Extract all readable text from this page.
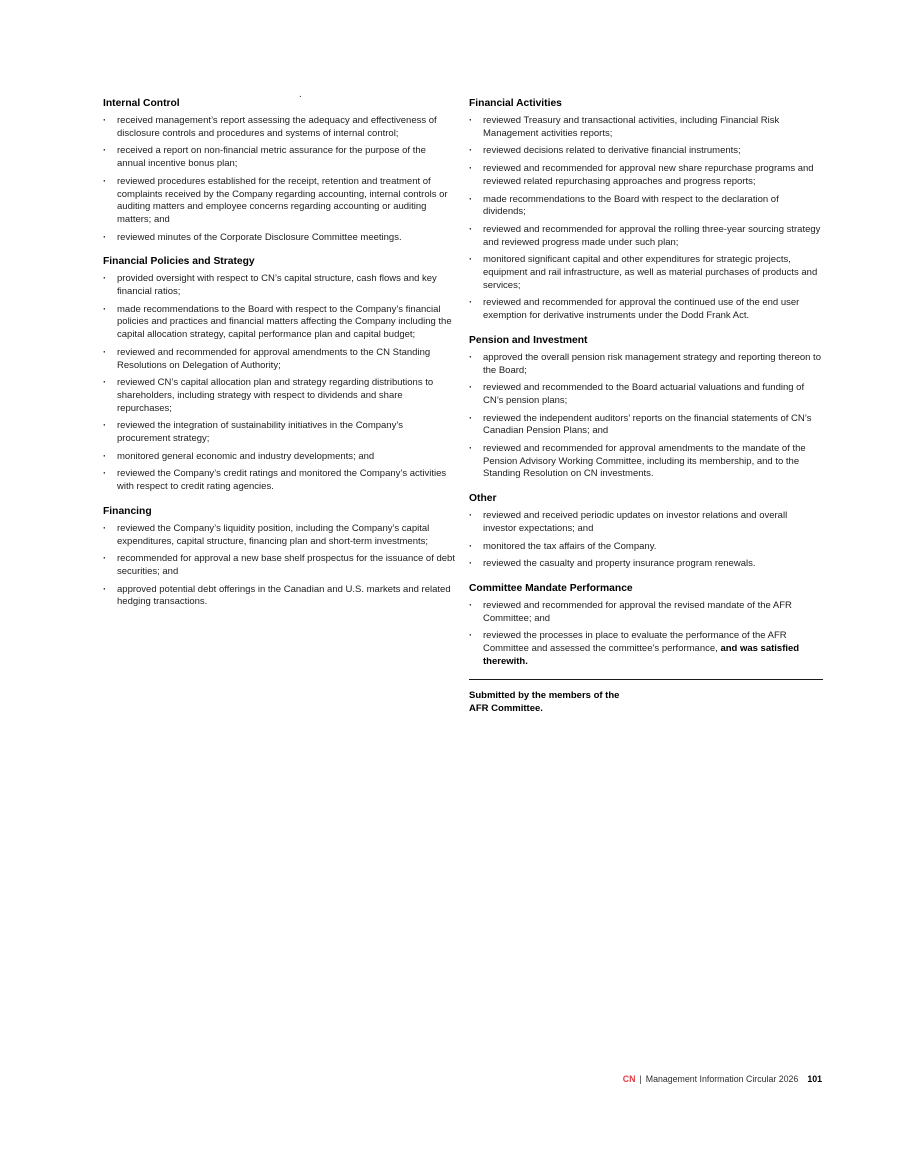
.
Internal Control
·	received management’s report assessing the adequacy and effectiveness of disclosure controls and procedures and systems of internal control;
·	received a report on non-financial metric assurance for the purpose of the annual incentive bonus plan;
·	reviewed procedures established for the receipt, retention and treatment of complaints received by the Company regarding accounting, internal controls or auditing matters and employee concerns regarding accounting or auditing matters; and
·	reviewed minutes of the Corporate Disclosure Committee meetings.
Financial Policies and Strategy
·	provided oversight with respect to CN’s capital structure, cash flows and key financial ratios;
·	made recommendations to the Board with respect to the Company’s financial policies and practices and financial matters affecting the Company including the capital allocation strategy, capital performance plan and capital budget;
·	reviewed and recommended for approval amendments to the CN Standing Resolutions on Delegation of Authority;
·	reviewed CN’s capital allocation plan and strategy regarding distributions to shareholders, including strategy with respect to dividends and share repurchases;
·	reviewed the integration of sustainability initiatives in the Company’s procurement strategy;
·	monitored general economic and industry developments; and
·	reviewed the Company’s credit ratings and monitored the Company’s activities with respect to credit rating agencies.
Financing
·	reviewed the Company’s liquidity position, including the Company’s capital expenditures, capital structure, financing plan and short-term investments;
·	recommended for approval a new base shelf prospectus for the issuance of debt securities; and
·	approved potential debt offerings in the Canadian and U.S. markets and related hedging transactions.
Financial Activities
·	reviewed Treasury and transactional activities, including Financial Risk Management activities reports;
·	reviewed decisions related to derivative financial instruments;
·	reviewed and recommended for approval new share repurchase programs and reviewed related repurchasing approaches and progress reports;
·	made recommendations to the Board with respect to the declaration of dividends;
·	reviewed and recommended for approval the rolling three-year sourcing strategy and reviewed progress made under such plan;
·	monitored significant capital and other expenditures for strategic projects, equipment and rail infrastructure, as well as material purchases of products and services;
·	reviewed and recommended for approval the continued use of the end user exemption for derivative instruments under the Dodd Frank Act.
Pension and Investment
·	approved the overall pension risk management strategy and reporting thereon to the Board;
·	reviewed and recommended to the Board actuarial valuations and funding of CN’s pension plans;
·	reviewed the independent auditors’ reports on the financial statements of CN’s Canadian Pension Plans; and
·	reviewed and recommended for approval amendments to the mandate of the Pension Advisory Working Committee, including its membership, and to the Standing Resolution on CN investments.
Other
·	reviewed and received periodic updates on investor relations and overall investor expectations; and
·	monitored the tax affairs of the Company.
·	reviewed the casualty and property insurance program renewals.
Committee Mandate Performance
·	reviewed and recommended for approval the revised mandate of the AFR Committee; and
·	reviewed the processes in place to evaluate the performance of the AFR Committee and assessed the committee’s performance, and was satisfied therewith.
Submitted by the members of the
AFR Committee.
CN | Management Information Circular 2026 101
